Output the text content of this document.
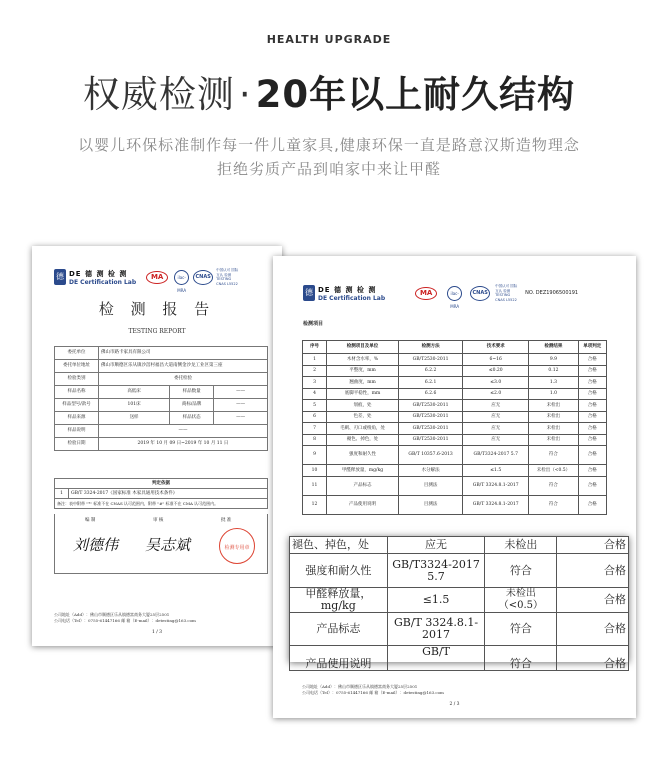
HEALTH UPGRADE
权威检测 · 20年以上耐久结构
以婴儿环保标准制作每一件儿童家具,健康环保一直是路意汉斯造物理念
拒绝劣质产品到咱家中来让甲醛
德 DE 德 测 检 测
DE Certification Lab
MA	ilac-MRA
CNAS
中国认可 国际互认 检测 TESTING CNAS L5522
检 测 报 告
TESTING REPORT
委托单位	佛山市路卡家具有限公司		
委托单位地址	佛山市顺德区乐从镇沙滘村福昌大道南侧金沙龙工业区第三座		
检验类别	委托检验		
样品名称	高低床	样品数量	——
样品型号/款号	101床	商标/品牌	——
样品来源	送样	样品状态	——
样品说明	——		
检验日期	2019 年 10 月 09 日~2019 年 10 月 11 日		
判定依据
1	GB/T 3324-2017《国家标准 木家具通用技术条件》
备注：表中附带 "*" 标准不在 CNAS 认可范围内，附带 "#" 标准不在 CMA 认可范围内。
编 制	审 核	批 准
刘德伟 吴志斌	检测专用章
公司地址（Add）：佛山市顺德区乐从镇德富商务大厦25层2501
公司电话（Tel）：0755-61447166 邮 箱（E-mail）：detesting@163.com
1 / 3
德 DE 德 测 检 测
DE Certification Lab
MA	ilac-MRA
CNAS
中国认可 国际互认 检测 TESTING CNAS L5522
NO. DEZ1906500191
检测项目
序号	检测项目及单位	检测方法	技术要求	检测结果	单项判定
1	木材含水率，%	GB/T2530-2011	6~16	9.9	合格
2	平整度，mm	6.2.2	≤0.20	0.12	合格
3	翘曲度，mm	6.2.1	≤3.0	1.3	合格
4	底脚平稳性，mm	6.2.6	≤2.0	1.0	合格
5	划痕，处	GB/T2530-2011	应无	未检出	合格
6	色差，处	GB/T2530-2011	应无	未检出	合格
7	毛刺、刃口或棱角，处	GB/T2530-2011	应无	未检出	合格
8	褪色、掉色，处	GB/T2530-2011	应无	未检出	合格
9	强度和耐久性	GB/T 10357.6-2013	GB/T3324-2017 5.7	符合	合格
10	甲醛释放量，mg/kg	水分解法	≤1.5	未检出（<0.5）	合格
11	产品标志	目测法	GB/T 3324.8.1-2017	符合	合格
12	产品使用说明	目测法	GB/T 3324.8.1-2017	符合	合格
公司地址（Add）：佛山市顺德区乐从镇德富商务大厦25层2501
公司电话（Tel）：0755-61447166 邮 箱（E-mail）：detesting@163.com
2 / 3
褪色、掉色，处	应无	未检出	合格
强度和耐久性	GB/T3324-2017 5.7	符合	合格
甲醛释放量，mg/kg	≤1.5	未检出（<0.5）	合格
产品标志	GB/T 3324.8.1-2017	符合	合格
产品使用说明	GB/T	符合	合格
